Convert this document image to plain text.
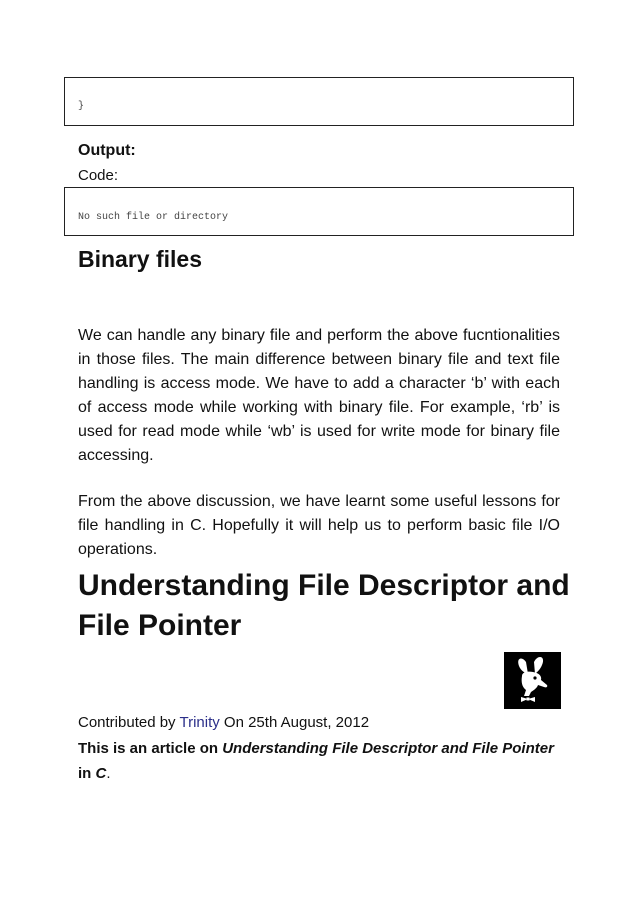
}
Output:
Code:
No such file or directory
Binary files
We can handle any binary file and perform the above fucntionalities in those files. The main difference between binary file and text file handling is access mode. We have to add a character ‘b’ with each of access mode while working with binary file. For example, ‘rb’ is used for read mode while ‘wb’ is used for write mode for binary file accessing.
From the above discussion, we have learnt some useful lessons for file handling in C. Hopefully it will help us to perform basic file I/O operations.
Understanding File Descriptor and File Pointer
Contributed by Trinity On 25th August, 2012
This is an article on Understanding File Descriptor and File Pointer in C.
